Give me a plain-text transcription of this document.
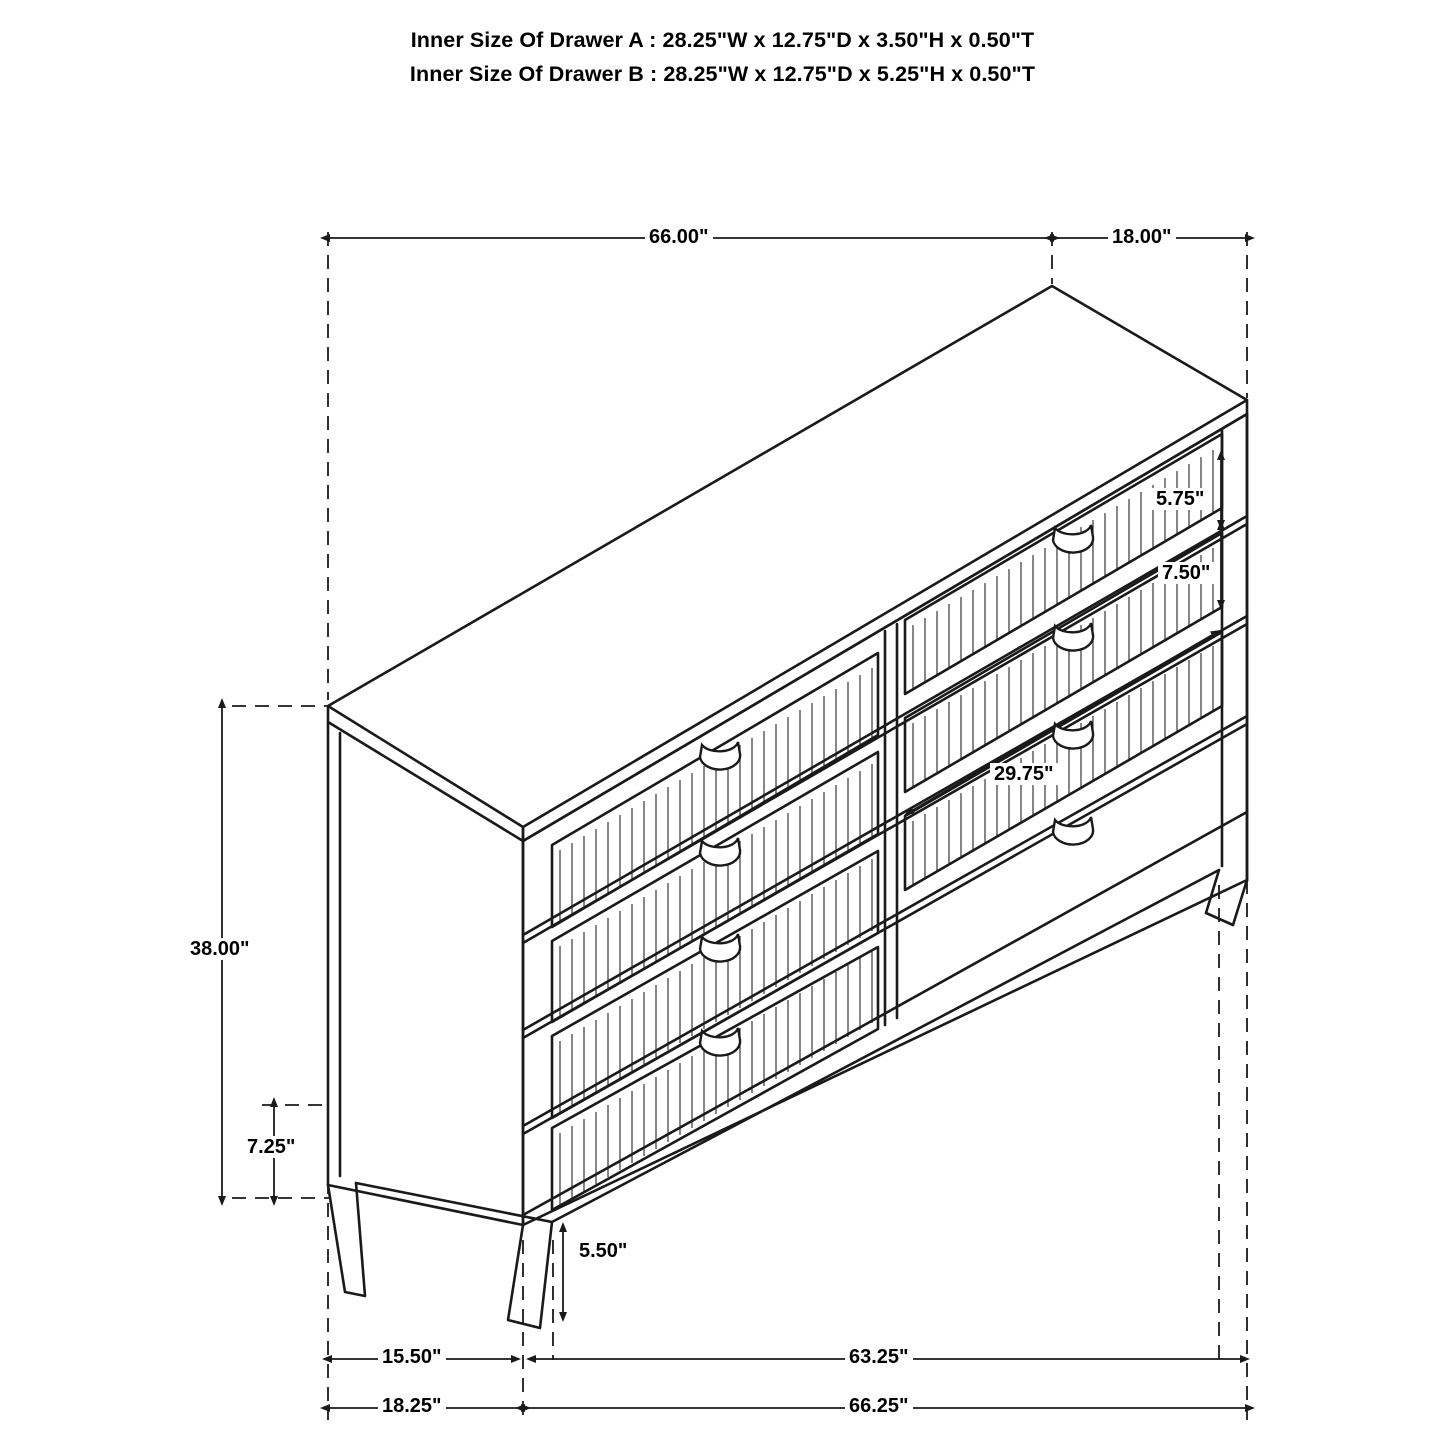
Inner Size Of Drawer A : 28.25"W x 12.75"D x 3.50"H x 0.50"T
Inner Size Of Drawer B : 28.25"W x 12.75"D x 5.25"H x 0.50"T
66.00"	18.00"
38.00"
7.25"
5.50"
5.75"
7.50"
29.75"
15.50"	63.25"
18.25"	66.25"
